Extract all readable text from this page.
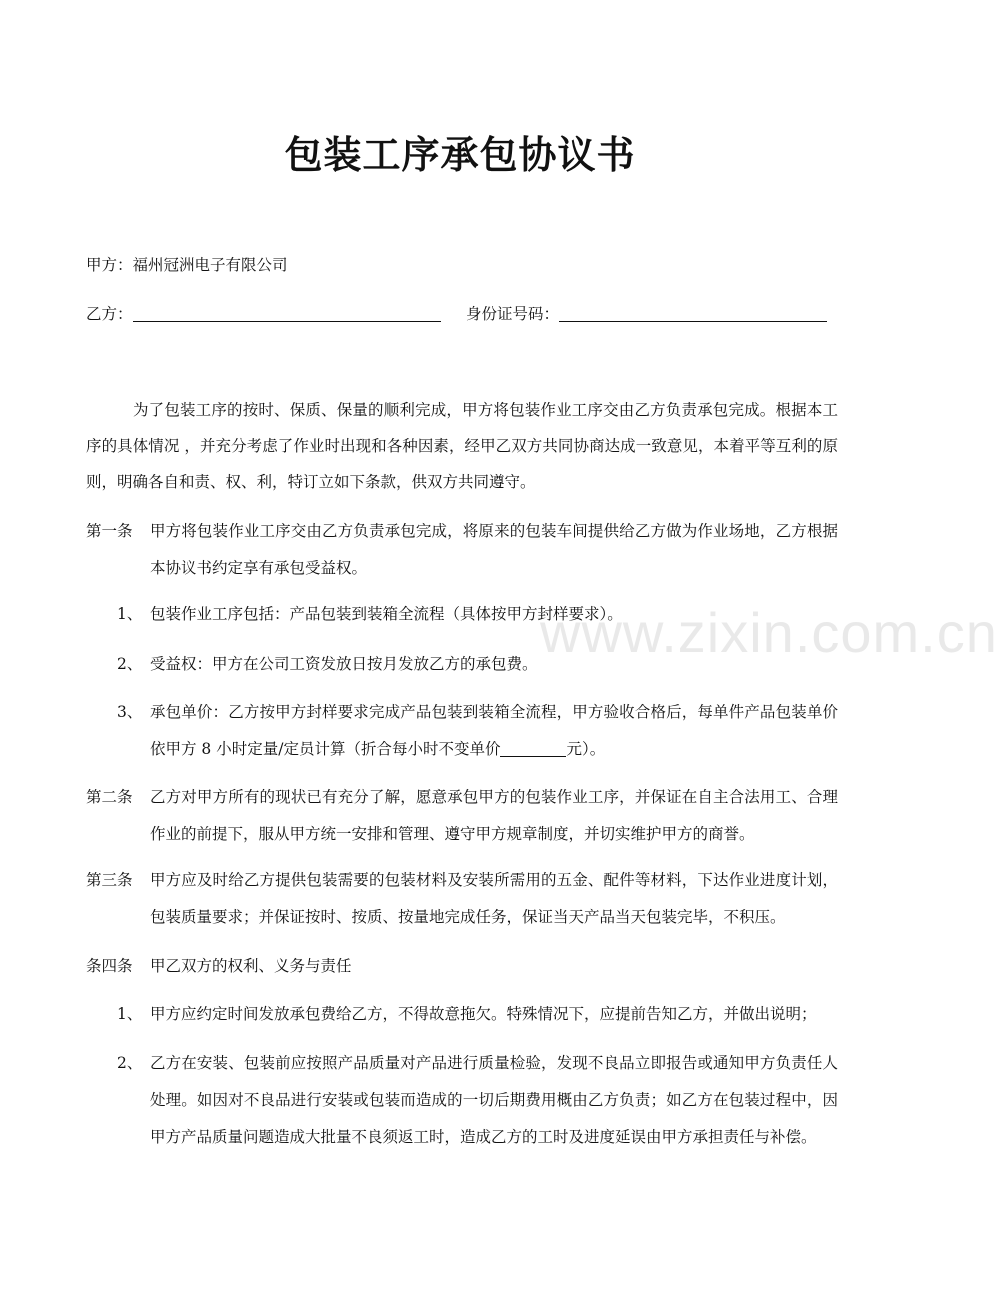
www.zixin.com.cn
包装工序承包协议书
甲方：福州冠洲电子有限公司
乙方：	身份证号码：
为了包装工序的按时、保质、保量的顺利完成，甲方将包装作业工序交由乙方负责承包完成。根据本工序的具体情况 ，并充分考虑了作业时出现和各种因素，经甲乙双方共同协商达成一致意见，本着平等互利的原则，明确各自和责、权、利，特订立如下条款，供双方共同遵守。
第一条 甲方将包装作业工序交由乙方负责承包完成，将原来的包装车间提供给乙方做为作业场地，乙方根据本协议书约定享有承包受益权。
1、 包装作业工序包括：产品包装到装箱全流程（具体按甲方封样要求）。
2、 受益权：甲方在公司工资发放日按月发放乙方的承包费。
3、 承包单价：乙方按甲方封样要求完成产品包装到装箱全流程，甲方验收合格后，每单件产品包装单价依甲方 8 小时定量/定员计算（折合每小时不变单价	元）。
第二条 乙方对甲方所有的现状已有充分了解，愿意承包甲方的包装作业工序，并保证在自主合法用工、合理作业的前提下，服从甲方统一安排和管理、遵守甲方规章制度，并切实维护甲方的商誉。
第三条 甲方应及时给乙方提供包装需要的包装材料及安装所需用的五金、配件等材料，下达作业进度计划，包装质量要求；并保证按时、按质、按量地完成任务，保证当天产品当天包装完毕，不积压。
条四条 甲乙双方的权利、义务与责任
1、 甲方应约定时间发放承包费给乙方，不得故意拖欠。特殊情况下，应提前告知乙方，并做出说明；
2、 乙方在安装、包装前应按照产品质量对产品进行质量检验，发现不良品立即报告或通知甲方负责任人处理。如因对不良品进行安装或包装而造成的一切后期费用概由乙方负责；如乙方在包装过程中，因甲方产品质量问题造成大批量不良须返工时，造成乙方的工时及进度延误由甲方承担责任与补偿。
